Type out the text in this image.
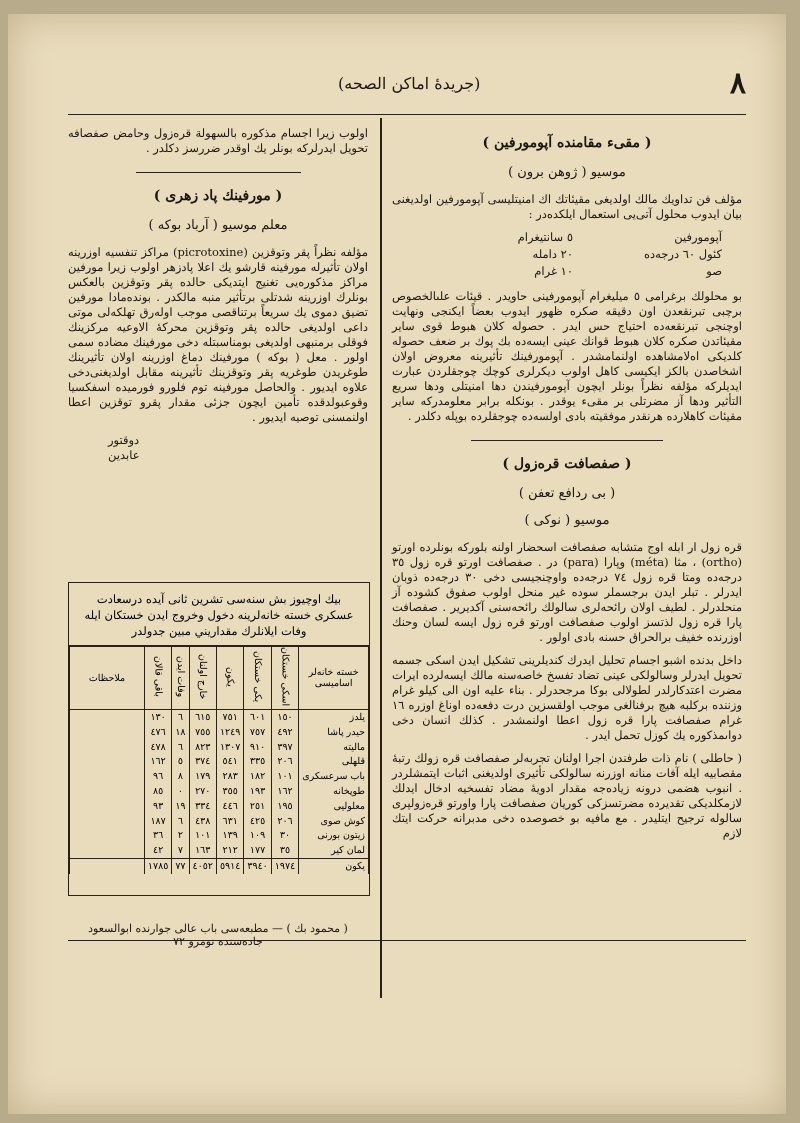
٨
(جريدهٔ اماكن الصحه)
( مقىء مقامنده آپومورفين )
موسيو ( ژوهن برون )

مؤلف فن تداويك مالك اولديغى مقيئاتك اك امنيتليسى آپومورفين اولديغنى بيان ايدوب محلول آتى‌يى استعمال ايلكده‌در :

آپومورفين
٥ سانتيغرام
كئول ٦٠ درجه‌ده
٢٠ دامله
صو
١٠ غرام

بو محلولك برغرامى ٥ ميليغرام آپومورفينى حاويدر . قيئات علىالخصوص برچبى تبرنقعدن اون دقيقه صكره ظهور ايدوب بعضاً ايكنجى ونهايت اوچنجى تبرنقعه‌ده احتياج حس ايدر . حصوله كلان هبوط قوى ساير مقيئاتدن صكره كلان هبوط قوانك عينى ايسه‌ده بك پوك بر ضعف حصوله كلديكى اه‌لامشاهده اولنمامشدر . آپومورفينك تأثيرينه معروض اولان اشخاصدن بالكز ايكيسى كاهل اولوب ديكرلرى كوچك چوجقلردن عبارت ايديلركه مؤلفه نظراً بونلر ايچون آپومورفيندن دها امنيتلى ودها سريع التأثير ودها آز مضرتلى بر مقىء يوقدر . بونكله برابر معلومدركه ساير مقيئات كاهلارده هرنقدر موفقيته بادى اولسه‌ده چوجقلرده بوپله دكلدر .

( صفصافت قره‌زول )
( بى ردافع تعفن )
موسيو ( نوكى )

قره زول ار ابله اوج متشابه صفصافت اسحضار اولنه بلوركه بونلرده اورتو (ortho) ، مثا (méta) وپارا (para) در . صفصافت اورتو قره زول ٣٥ درجه‌ده ومتا قره زول ٧٤ درجه‌ده واوچنجيسى دخى ٣٠ درجه‌ده ذوبان ايدرلر . تبلر ايدن برجسملر سوده غير منحل اولوب صفوق كشوده آز منحلدرلر . لطيف اولان رائحه‌لرى سالولك رائحه‌سنى آكديرير . صفصافت پارا قره زول لذتسز اولوب صفصافت اورتو قره زول ايسه لسان وحنك اوزرنده خفيف برالحراق حسنه بادى اولور .

داخل بدنده اشبو اجسام تحليل ايدرك كنديلرينى تشكيل ايدن اسكى جسمه تحويل ايدرلر وسالولكى عينى تضاد تفسخ خاصه‌سنه مالك ايسه‌لرده ايرات مضرت اعتدكارلدر لطولالى بوكا مرجحدرلر . بناء عليه اون الى كيلو غرام وزننده بركلبه هيچ برفنالغى موجب اولقسزين درت دفعه‌ده اوناغ اوزره ١٦ غرام صفصافت پارا قره زول اعطا اولنمشدر . كذلك انسان دخى دوا‌ىمذكوره يك كوزل تحمل ايدر .

( حاطلى ) نام ذات طرفندن اجرا اولنان تجربه‌لر صفصافت قره زولك رتبهٔ مقصابيه ايله آفات منانه اوزرنه سالولكى تأثيرى اولديغنى اثبات ايتمشلردر . انبوب هضمى درونه زياده‌جه مقدار ادويهٔ مضاد تفسخيه ادخال ايدلك لازمكلديكى تقديرده مضرتسزكى كوريان صفصافت پارا واورتو قره‌زولپرى سالوله ترجيح ايتليدر . مع مافيه بو خصوصده دخى مدبرانه حركت ايتك لازم

اولوب زيرا اجسام مذكوره بالسهولة قره‌زول وحامض صفصافه تحويل ايدرلركه بونلر يك اوقدر ضررسز دكلدر .

( مورفينك پاد زهرى )
معلم موسيو ( آرباد بوكه )

مؤلفه نظراً پقر وتوقزين (picrotoxine) مراكز تنفسيه اوزرينه اولان تأثيرله مورفينه قارشو يك اعلا پادزهر اولوب زيرا مورفين مراكز مذكوره‌يى تغنيج ايتديكى حالده پقر وتوقزين بالعكس بونلرك اوزرينه شدتلى برتأثير منبه مالكدر . بونده‌مادا مورفين تضيق دموى يك سريعاً برتناقصى موجب اوله‌رق تهلكه‌لى موتى داعى اولديغى حالده پقر وتوقزين محركهٔ الاوعيه مركزينك فوقلى برمنبهى اولديغى بومناسبتله دخى مورفينك مضاده سمى اولور . معل ( بوكه ) مورفينك دماغ اوزرينه اولان تأثيرينك طوغريدن طوغريه پقر وتوقزينك تأثيرينه مقابل اولديغنى‌دخى علاوه ايديور . والحاصل مورفينه توم فلورو فورميده اسفكسيا وقوعبولدقده تأمين ايچون جزئى مقدار پقرو توقزين اعطا اولنمسنى توصيه ايديور .

دوقتور
عابدين
بيك اوچيوز بش سنه‌سى تشرين ثانى آيده درسعادت عسكرى خسته خانه‌لرينه دخول وخروج ايدن خستكان ايله وفات ايلانلرك مقداريني مبين جدولدر
خسته خانه‌لر اساميسى	اسكى خستكان	يكى خستكان	يكون	خارج اولنان	وفات ايدن	باقى قالان	ملاحظات
يلدز	١٥٠	٦٠١	٧٥١	٦١٥	٦	١٣٠	
حيدر پاشا	٤٩٢	٧٥٧	١٢٤٩	٧٥٥	١٨	٤٧٦	
ماليته	٣٩٧	٩١٠	١٣٠٧	٨٢٣	٦	٤٧٨	
قلهلى	٢٠٦	٣٣٥	٥٤١	٣٧٤	٥	١٦٢	
باب سرعسكرى	١٠١	١٨٢	٢٨٣	١٧٩	٨	٩٦	
طوپخانه	١٦٢	١٩٣	٣٥٥	٢٧٠	٠	٨٥	
معلوليى	١٩٥	٢٥١	٤٤٦	٣٣٤	١٩	٩٣	
كوش صوى	٢٠٦	٤٢٥	٦٣١	٤٣٨	٦	١٨٧	
زيتون بورنى	٣٠	١٠٩	١٣٩	١٠١	٢	٣٦	
لمان كير	٣٥	١٧٧	٢١٢	١٦٣	٧	٤٢	
يكون	١٩٧٤	٣٩٤٠	٥٩١٤	٤٠٥٢	٧٧	١٧٨٥	
( محمود بك ) — مطبعه‌سى باب عالى جوارنده ابوالسعود جاده‌سنده نومرو ٧٢
